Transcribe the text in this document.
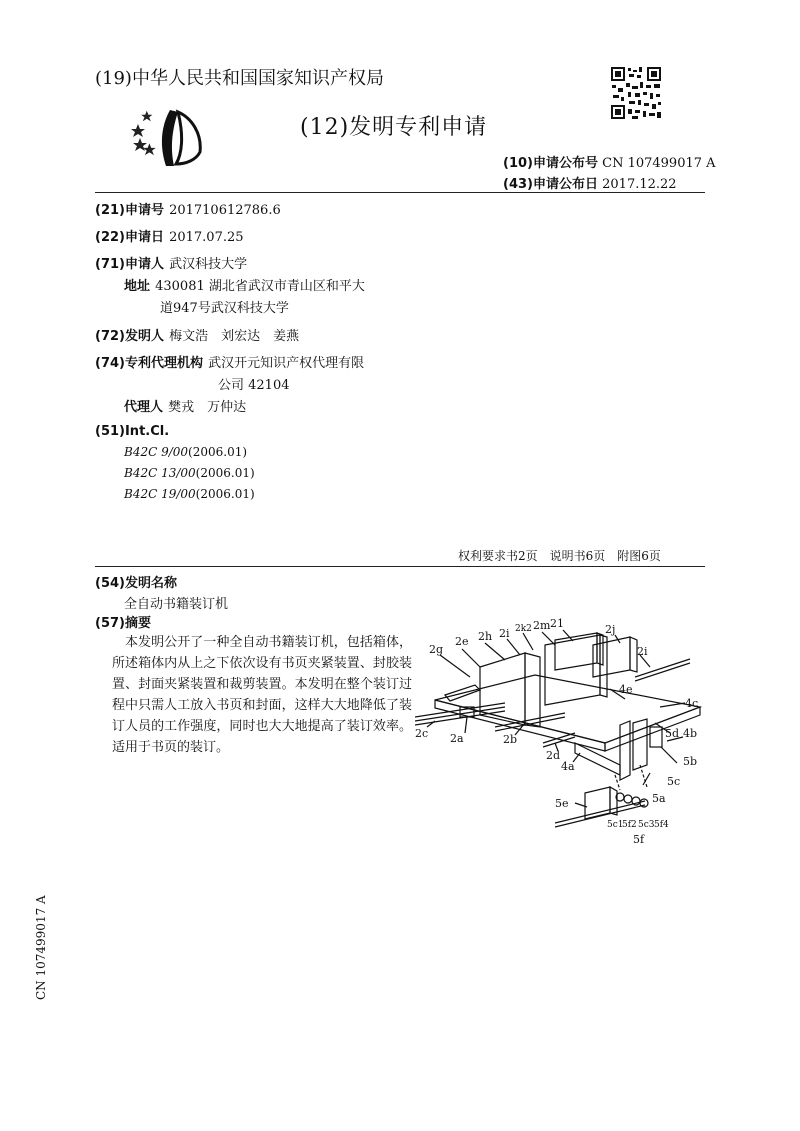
(19)中华人民共和国国家知识产权局
(12)发明专利申请
(10)申请公布号 CN 107499017 A
(43)申请公布日 2017.12.22
(21)申请号 201710612786.6
(22)申请日 2017.07.25
(71)申请人 武汉科技大学
地址 430081 湖北省武汉市青山区和平大
道947号武汉科技大学
(72)发明人 梅文浩　刘宏达　姜燕
(74)专利代理机构 武汉开元知识产权代理有限
公司 42104
代理人 樊戎　万仲达
(51)Int.Cl.
B42C 9/00(2006.01)
B42C 13/00(2006.01)
B42C 19/00(2006.01)
权利要求书2页　说明书6页　附图6页
(54)发明名称
全自动书籍装订机
(57)摘要
本发明公开了一种全自动书籍装订机，包括箱体，所述箱体内从上之下依次设有书页夹紧装置、封胶装置、封面夹紧装置和裁剪装置。本发明在整个装订过程中只需人工放入书页和封面，这样大大地降低了装订人员的工作强度，同时也大大地提高了装订效率。适用于书页的装订。
CN 107499017 A
2g
2e 2h 2i 2k2 2m 21	2j
2i
4e
4c
5d 4b
5b
2c 2a	2b
2d
4a
5c
5a
5e
5c1
5f2 5c3 5f4
5f
